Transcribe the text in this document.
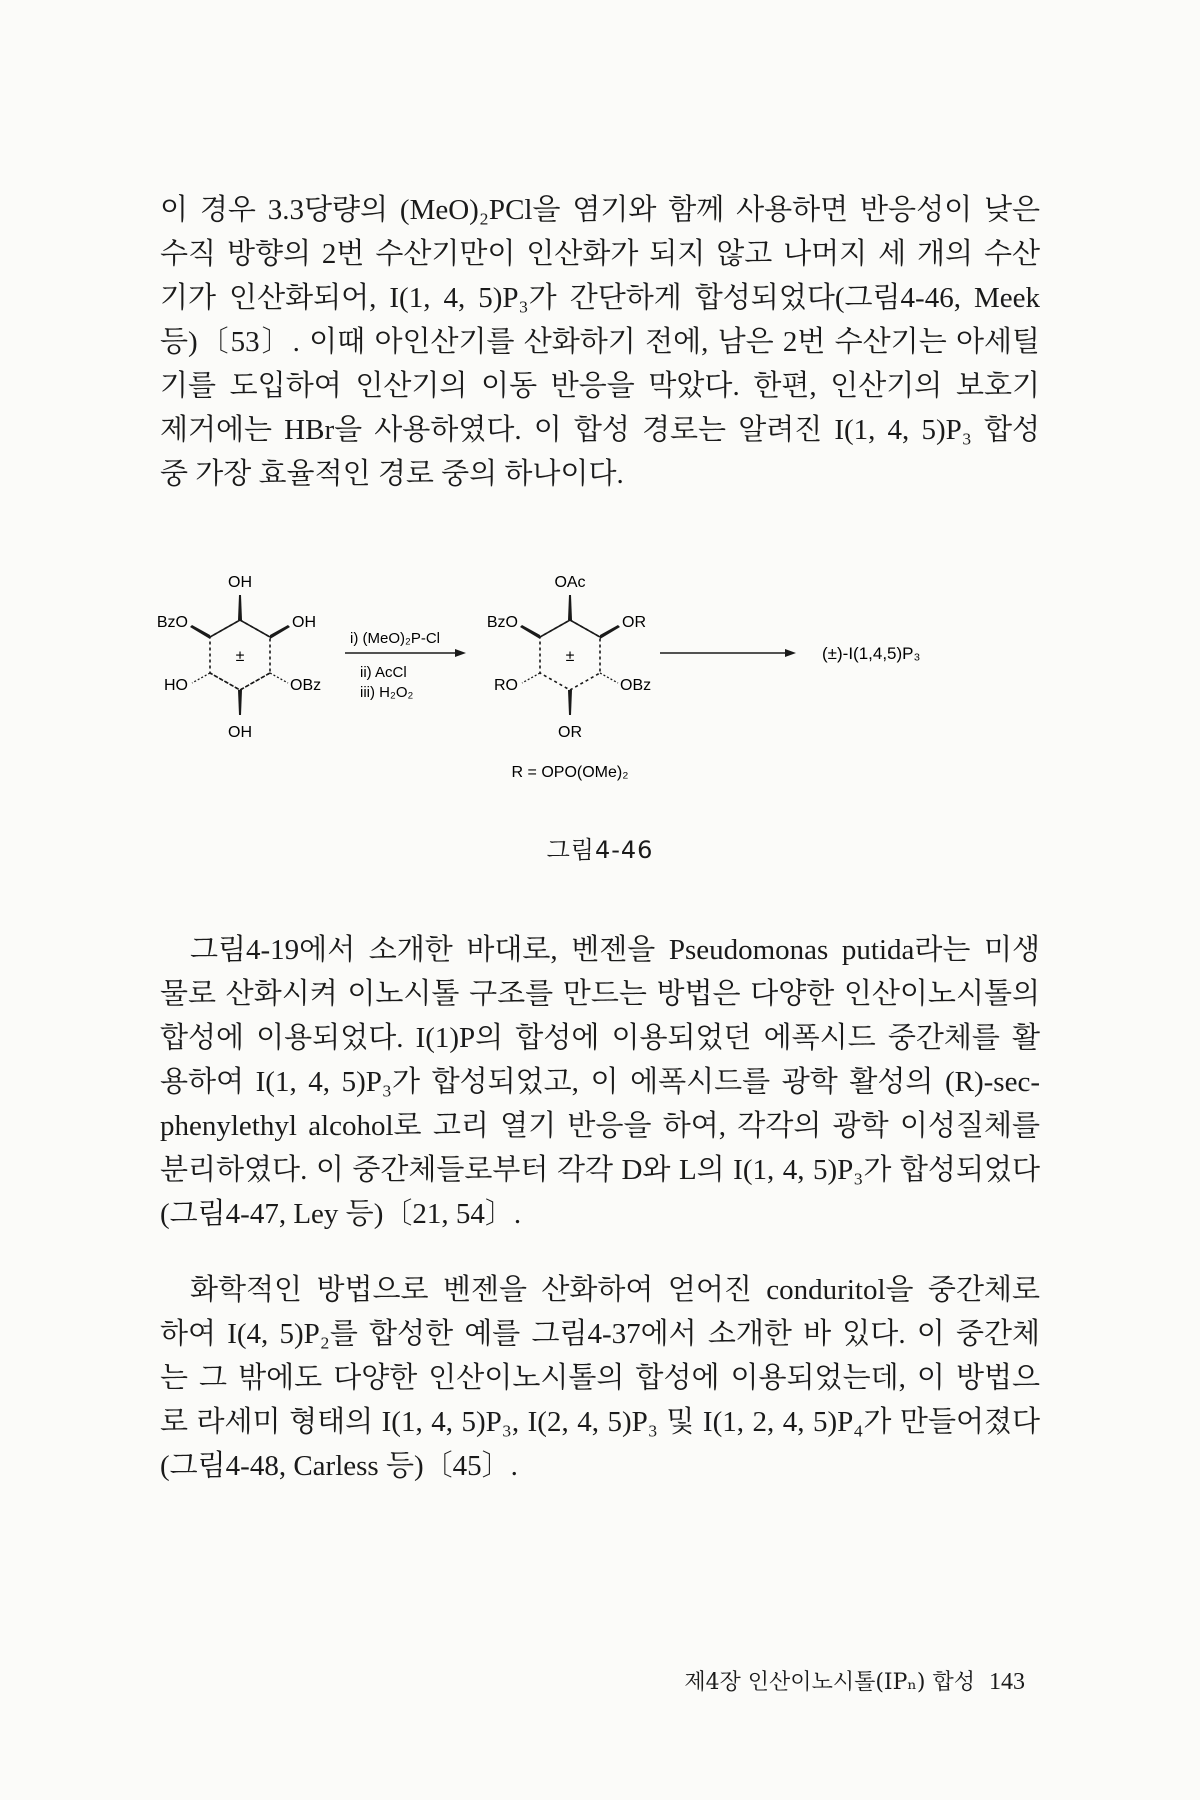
이 경우 3.3당량의 (MeO)₂PCl을 염기와 함께 사용하면 반응성이 낮은
수직 방향의 2번 수산기만이 인산화가 되지 않고 나머지 세 개의 수산
기가 인산화되어, I(1, 4, 5)P₃가 간단하게 합성되었다(그림4-46, Meek
등)〔53〕. 이때 아인산기를 산화하기 전에, 남은 2번 수산기는 아세틸
기를 도입하여 인산기의 이동 반응을 막았다. 한편, 인산기의 보호기
제거에는 HBr을 사용하였다. 이 합성 경로는 알려진 I(1, 4, 5)P₃ 합성
중 가장 효율적인 경로 중의 하나이다.

OH
BzO	OH
±
HO	OBz
OH
i) (MeO)₂P-Cl
ii) AcCl
iii) H₂O₂
OAc
BzO	OR
±
RO	OBz
OR
R = OPO(OMe)₂
(±)-I(1,4,5)P₃
그림4-46

그림4-19에서 소개한 바대로, 벤젠을 Pseudomonas putida라는 미생
물로 산화시켜 이노시톨 구조를 만드는 방법은 다양한 인산이노시톨의
합성에 이용되었다. I(1)P의 합성에 이용되었던 에폭시드 중간체를 활
용하여 I(1, 4, 5)P₃가 합성되었고, 이 에폭시드를 광학 활성의 (R)-sec-
phenylethyl alcohol로 고리 열기 반응을 하여, 각각의 광학 이성질체를
분리하였다. 이 중간체들로부터 각각 D와 L의 I(1, 4, 5)P₃가 합성되었다
(그림4-47, Ley 등)〔21, 54〕.

화학적인 방법으로 벤젠을 산화하여 얻어진 conduritol을 중간체로
하여 I(4, 5)P₂를 합성한 예를 그림4-37에서 소개한 바 있다. 이 중간체
는 그 밖에도 다양한 인산이노시톨의 합성에 이용되었는데, 이 방법으
로 라세미 형태의 I(1, 4, 5)P₃, I(2, 4, 5)P₃ 및 I(1, 2, 4, 5)P₄가 만들어졌다
(그림4-48, Carless 등)〔45〕.

제4장 인산이노시톨(IPₙ) 합성 143
